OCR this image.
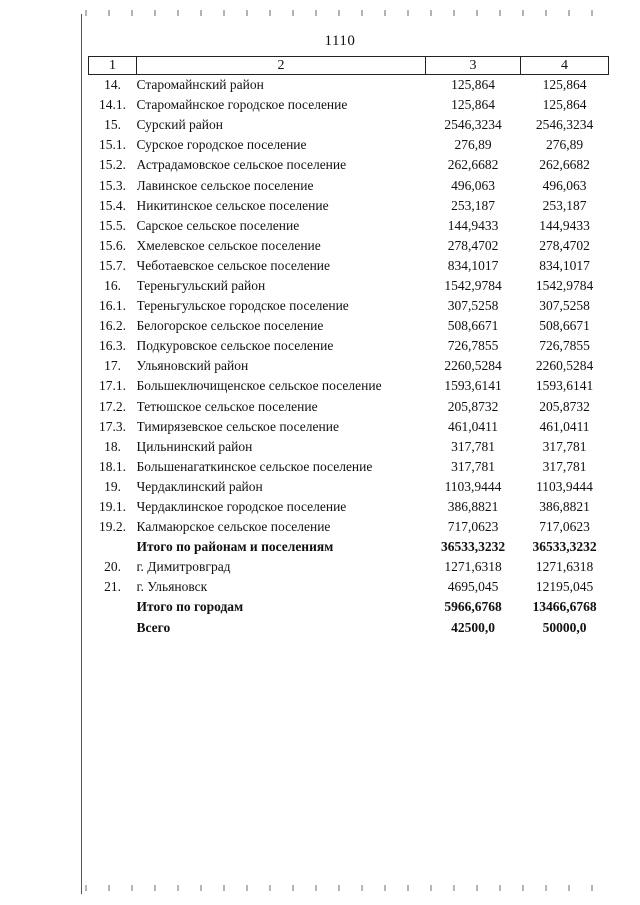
1110
1	2	3	4
14.	Старомайнский район	125,864	125,864
14.1.	Старомайнское городское поселение	125,864	125,864
15.	Сурский район	2546,3234	2546,3234
15.1.	Сурское городское поселение	276,89	276,89
15.2.	Астрадамовское сельское поселение	262,6682	262,6682
15.3.	Лавинское сельское поселение	496,063	496,063
15.4.	Никитинское сельское поселение	253,187	253,187
15.5.	Сарское сельское поселение	144,9433	144,9433
15.6.	Хмелевское сельское поселение	278,4702	278,4702
15.7.	Чеботаевское сельское поселение	834,1017	834,1017
16.	Тереньгульский район	1542,9784	1542,9784
16.1.	Тереньгульское городское поселение	307,5258	307,5258
16.2.	Белогорское сельское поселение	508,6671	508,6671
16.3.	Подкуровское сельское поселение	726,7855	726,7855
17.	Ульяновский район	2260,5284	2260,5284
17.1.	Большеключищенское сельское поселение	1593,6141	1593,6141
17.2.	Тетюшское сельское поселение	205,8732	205,8732
17.3.	Тимирязевское сельское поселение	461,0411	461,0411
18.	Цильнинский район	317,781	317,781
18.1.	Большенагаткинское сельское поселение	317,781	317,781
19.	Чердаклинский район	1103,9444	1103,9444
19.1.	Чердаклинское городское поселение	386,8821	386,8821
19.2.	Калмаюрское сельское поселение	717,0623	717,0623
	Итого по районам и поселениям	36533,3232	36533,3232
20.	г. Димитровград	1271,6318	1271,6318
21.	г. Ульяновск	4695,045	12195,045
	Итого по городам	5966,6768	13466,6768
	Всего	42500,0	50000,0
